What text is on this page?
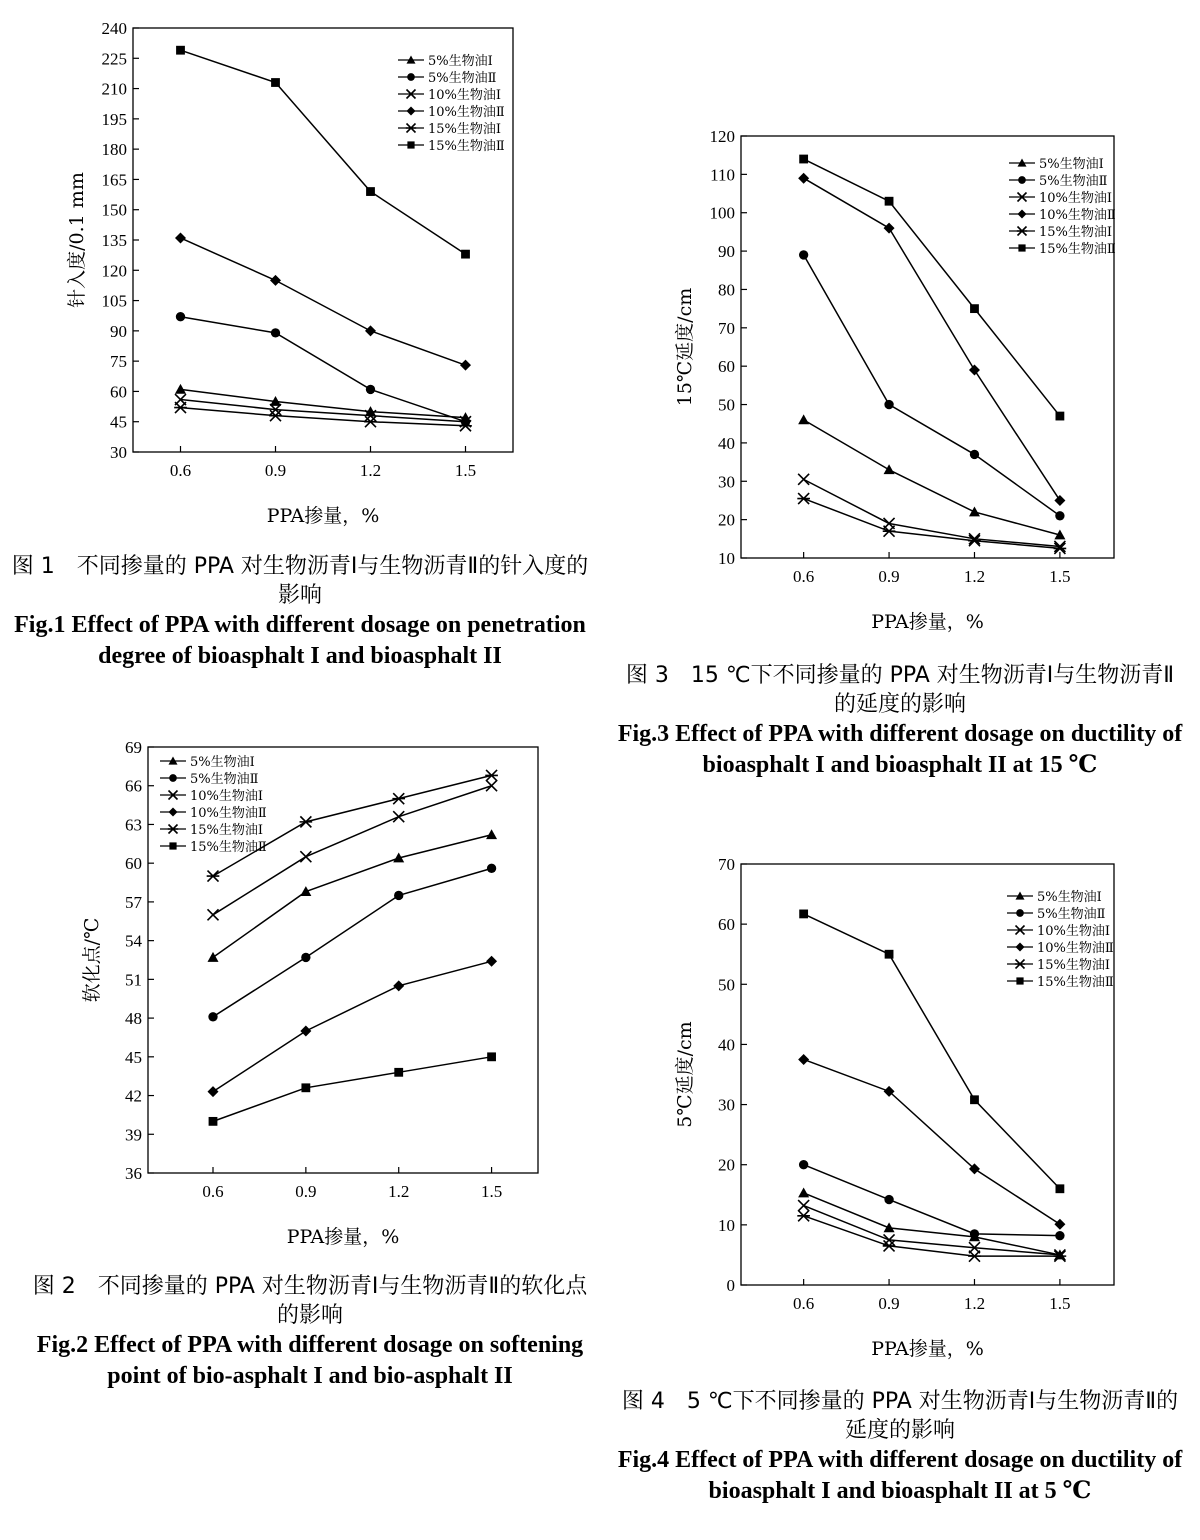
30
45
60
75
90
105
120
135
150
165
180
195
210
225
240
0.6	0.9	1.2	1.5
PPA掺量，%
针入度/0.1 mm
5%生物油Ⅰ
5%生物油Ⅱ
10%生物油Ⅰ
10%生物油Ⅱ
15%生物油Ⅰ
15%生物油Ⅱ
36
39
42
45
48
51
54
57
60
63
66
69
0.6	0.9	1.2	1.5
PPA掺量，%
软化点/℃
5%生物油Ⅰ
5%生物油Ⅱ
10%生物油Ⅰ
10%生物油Ⅱ
15%生物油Ⅰ
15%生物油Ⅱ
10
20
30
40
50
60
70
80
90
100
110
120
0.6	0.9	1.2	1.5
PPA掺量，%
15℃延度/cm
5%生物油Ⅰ
5%生物油Ⅱ
10%生物油Ⅰ
10%生物油Ⅱ
15%生物油Ⅰ
15%生物油Ⅱ
0
10
20
30
40
50
60
70
0.6	0.9	1.2	1.5
PPA掺量，%
5℃延度/cm
5%生物油Ⅰ
5%生物油Ⅱ
10%生物油Ⅰ
10%生物油Ⅱ
15%生物油Ⅰ
15%生物油Ⅱ
图 1　不同掺量的 PPA 对生物沥青Ⅰ与生物沥青Ⅱ的针入度的影响
Fig.1 Effect of PPA with different dosage on penetration degree of bioasphalt I and bioasphalt II
图 2　不同掺量的 PPA 对生物沥青Ⅰ与生物沥青Ⅱ的软化点的影响
Fig.2 Effect of PPA with different dosage on softening point of bio-asphalt I and bio-asphalt II
图 3　15 ℃下不同掺量的 PPA 对生物沥青Ⅰ与生物沥青Ⅱ的延度的影响
Fig.3 Effect of PPA with different dosage on ductility of bioasphalt I and bioasphalt II at 15 ℃
图 4　5 ℃下不同掺量的 PPA 对生物沥青Ⅰ与生物沥青Ⅱ的延度的影响
Fig.4 Effect of PPA with different dosage on ductility of bioasphalt I and bioasphalt II at 5 ℃
